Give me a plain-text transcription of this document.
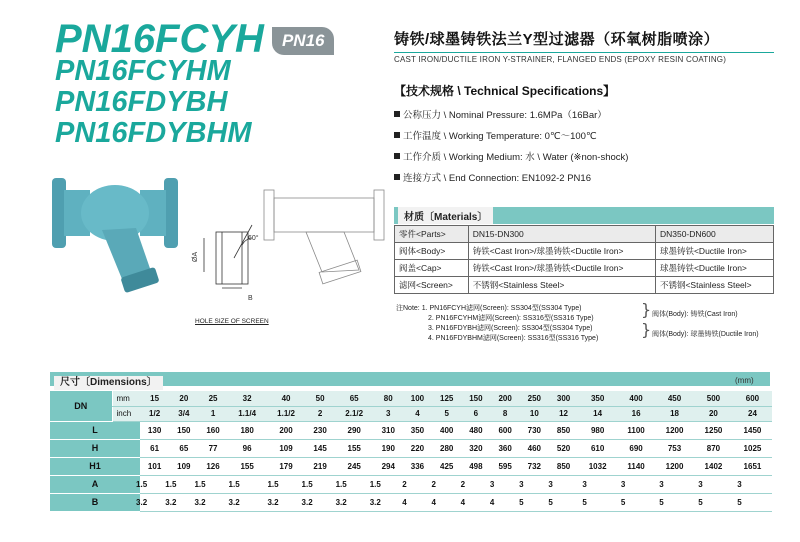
PN16FCYH	PN16
PN16FCYHM
PN16FDYBH
PN16FDYBHM
铸铁/球墨铸铁法兰Y型过滤器（环氧树脂喷涂）
CAST IRON/DUCTILE IRON Y-STRAINER, FLANGED ENDS (EPOXY RESIN COATING)
【技术规格 \ Technical Specifications】
公称压力 \ Nominal Pressure: 1.6MPa（16Bar）
工作温度 \ Working Temperature: 0℃～100℃
工作介质 \ Working Medium: 水 \ Water (※non-shock)
连接方式 \ End Connection: EN1092-2 PN16
ØA
60°
B
HOLE SIZE OF SCREEN
材质〔Materials〕
零件<Parts>	DN15-DN300	DN350-DN600
阀体<Body>	铸铁<Cast Iron>/球墨铸铁<Ductile Iron>	球墨铸铁<Ductile Iron>
阀盖<Cap>	铸铁<Cast Iron>/球墨铸铁<Ductile Iron>	球墨铸铁<Ductile Iron>
滤网<Screen>	不锈钢<Stainless Steel>	不锈钢<Stainless Steel>
注Note: 1. PN16FCYH滤网(Screen): SS304型(SS304 Type)
2. PN16FCYHM滤网(Screen): SS316型(SS316 Type)
3. PN16FDYBH滤网(Screen): SS304型(SS304 Type)
4. PN16FDYBHM滤网(Screen): SS316型(SS316 Type)
}
}
阀体(Body): 铸铁(Cast Iron)
阀体(Body): 球墨铸铁(Ductile Iron)
尺寸〔Dimensions〕	(mm)
DN	mm	15	20	25	32	40	50	65	80	100	125	150	200	250	300	350	400	450	500	600
	inch	1/2	3/4	1	1.1/4	1.1/2	2	2.1/2	3	4	5	6	8	10	12	14	16	18	20	24
L		130	150	160	180	200	230	290	310	350	400	480	600	730	850	980	1100	1200	1250	1450
H		61	65	77	96	109	145	155	190	220	280	320	360	460	520	610	690	753	870	1025
H1		101	109	126	155	179	219	245	294	336	425	498	595	732	850	1032	1140	1200	1402	1651
A		1.5	1.5	1.5	1.5	1.5	1.5	1.5	1.5	2	2	2	3	3	3	3	3	3	3	3
B		3.2	3.2	3.2	3.2	3.2	3.2	3.2	3.2	4	4	4	4	5	5	5	5	5	5	5
